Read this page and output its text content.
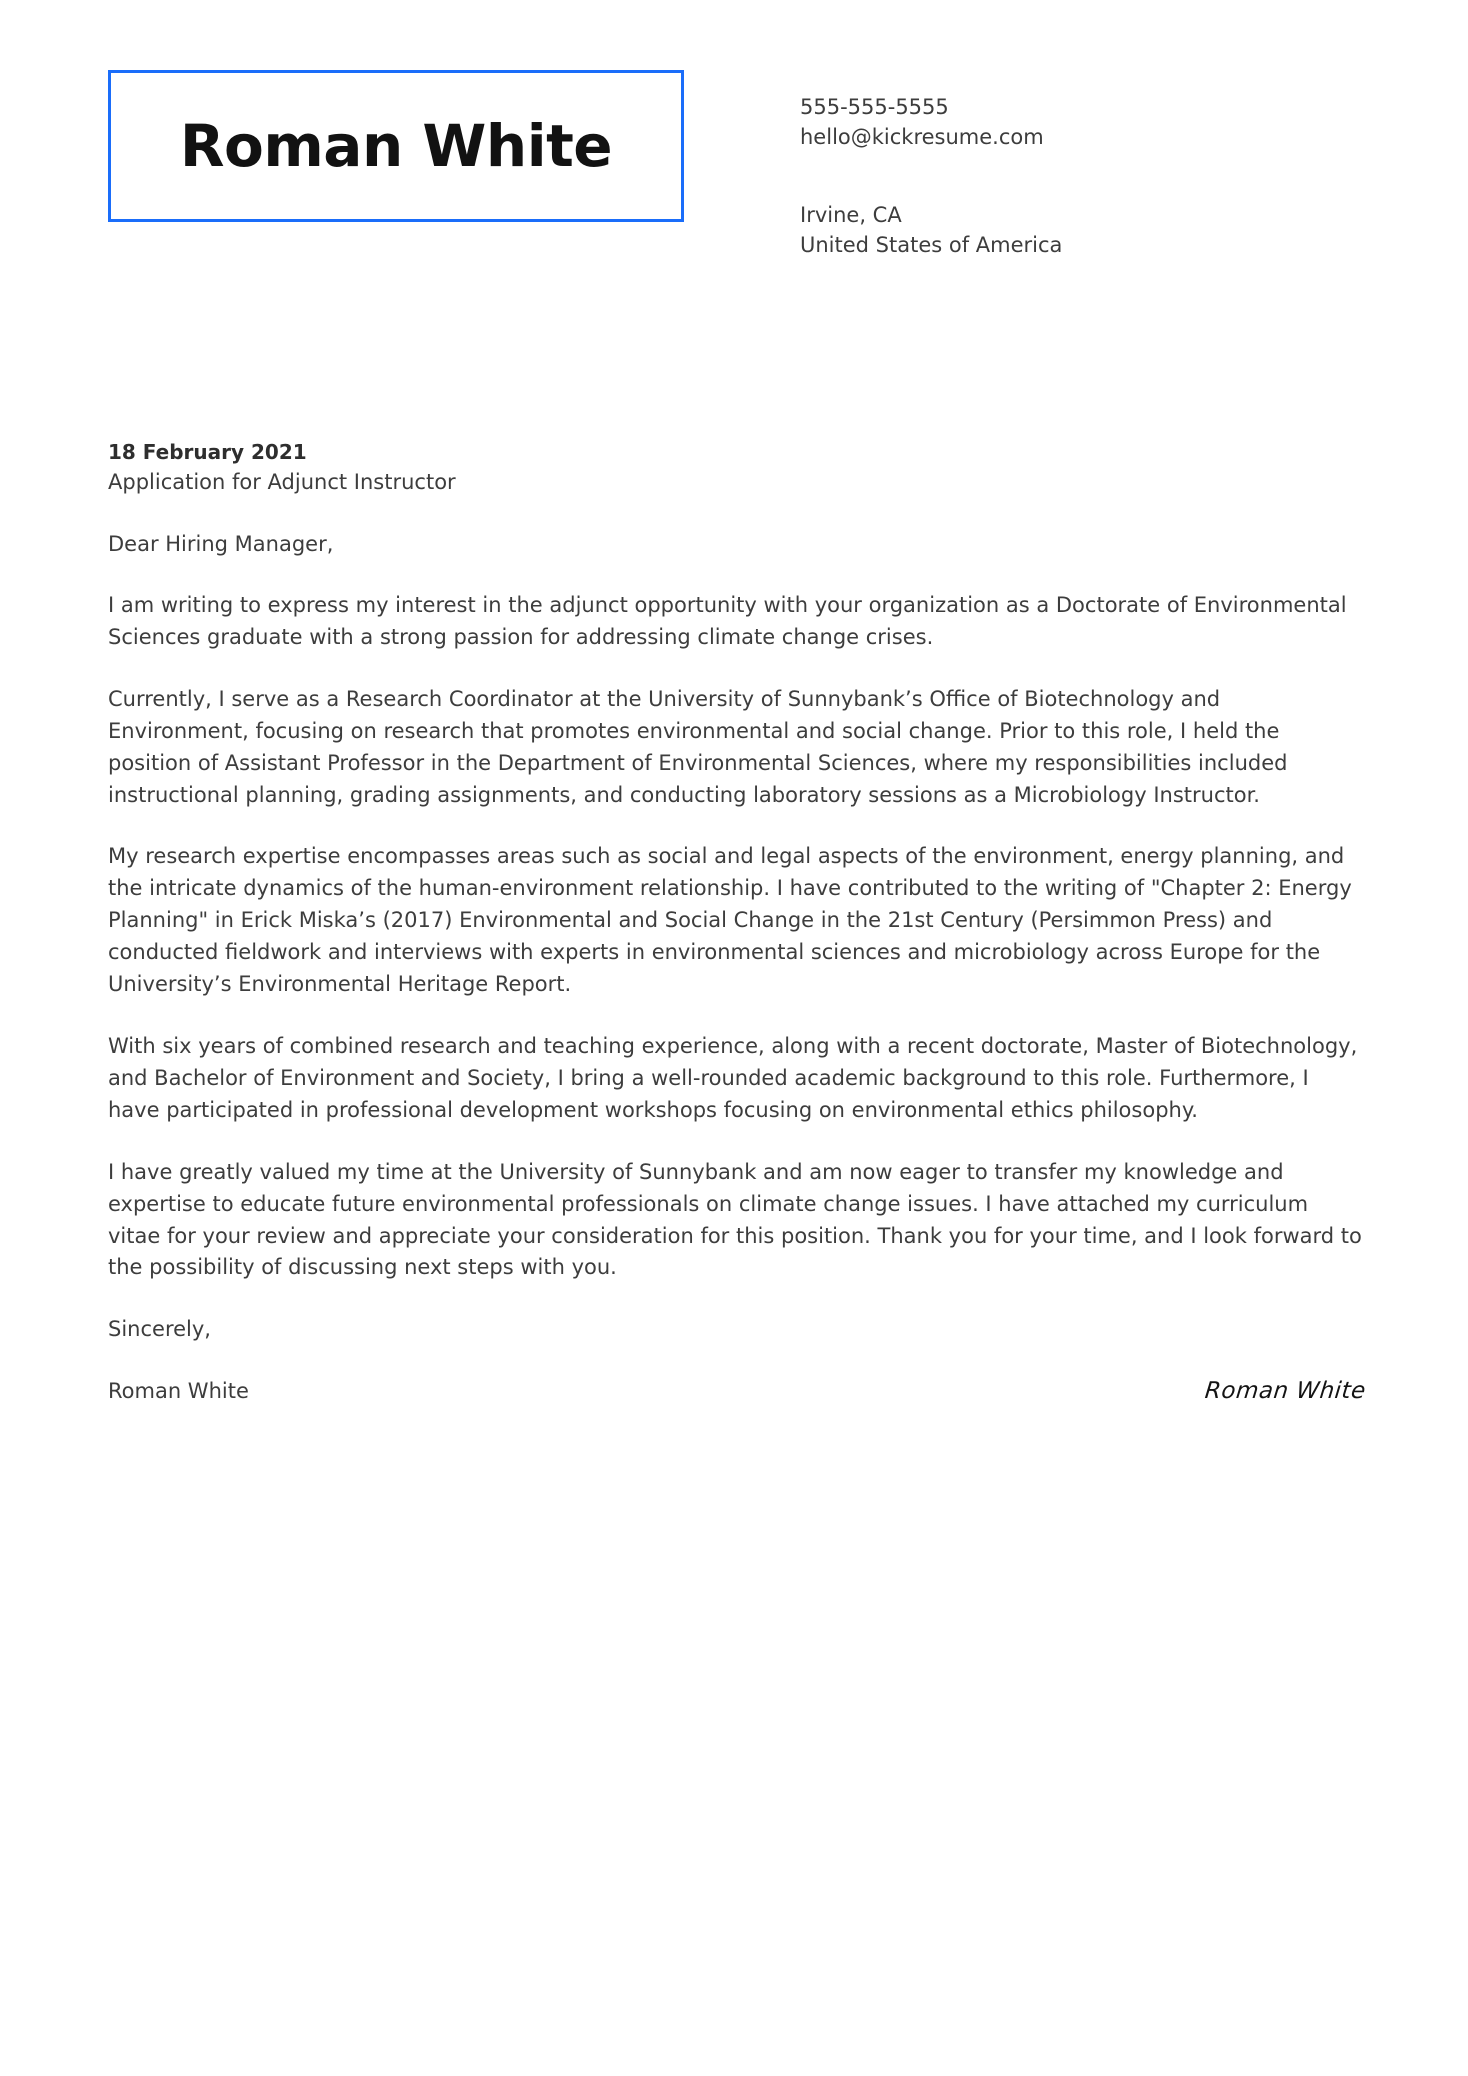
Roman White
555-555-5555
hello@kickresume.com
Irvine, CA
United States of America

18 February 2021

Application for Adjunct Instructor

Dear Hiring Manager,

I am writing to express my interest in the adjunct opportunity with your organization as a Doctorate of Environmental Sciences graduate with a strong passion for addressing climate change crises.

Currently, I serve as a Research Coordinator at the University of Sunnybank’s Office of Biotechnology and Environment, focusing on research that promotes environmental and social change. Prior to this role, I held the position of Assistant Professor in the Department of Environmental Sciences, where my responsibilities included instructional planning, grading assignments, and conducting laboratory sessions as a Microbiology Instructor.

My research expertise encompasses areas such as social and legal aspects of the environment, energy planning, and the intricate dynamics of the human-environment relationship. I have contributed to the writing of "Chapter 2: Energy Planning" in Erick Miska’s (2017) Environmental and Social Change in the 21st Century (Persimmon Press) and conducted fieldwork and interviews with experts in environmental sciences and microbiology across Europe for the University’s Environmental Heritage Report.

With six years of combined research and teaching experience, along with a recent doctorate, Master of Biotechnology, and Bachelor of Environment and Society, I bring a well-rounded academic background to this role. Furthermore, I have participated in professional development workshops focusing on environmental ethics philosophy.

I have greatly valued my time at the University of Sunnybank and am now eager to transfer my knowledge and expertise to educate future environmental professionals on climate change issues. I have attached my curriculum vitae for your review and appreciate your consideration for this position. Thank you for your time, and I look forward to the possibility of discussing next steps with you.

Sincerely,

Roman White	Roman White
